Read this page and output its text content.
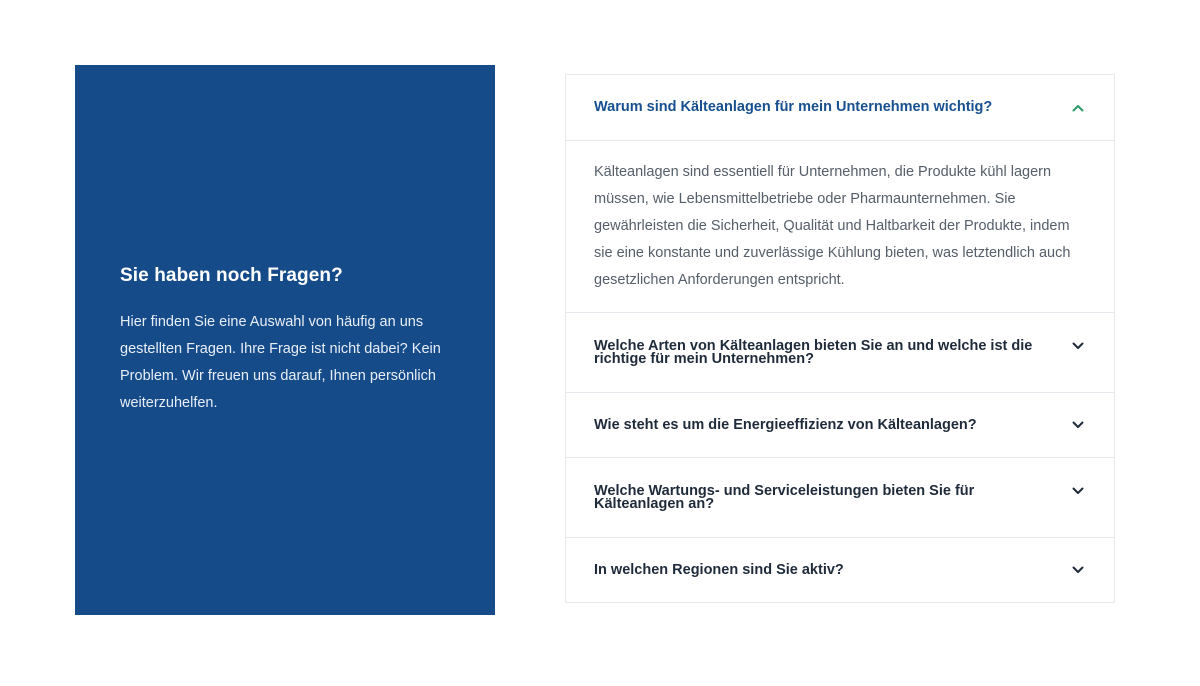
Sie haben noch Fragen?

Hier finden Sie eine Auswahl von häufig an uns gestellten Fragen. Ihre Frage ist nicht dabei? Kein Problem. Wir freuen uns darauf, Ihnen persönlich weiterzuhelfen.

Warum sind Kälteanlagen für mein Unternehmen wichtig?
Kälteanlagen sind essentiell für Unternehmen, die Produkte kühl lagern müssen, wie Lebensmittelbetriebe oder Pharmaunternehmen. Sie gewährleisten die Sicherheit, Qualität und Haltbarkeit der Produkte, indem sie eine konstante und zuverlässige Kühlung bieten, was letztendlich auch gesetzlichen Anforderungen entspricht.
Welche Arten von Kälteanlagen bieten Sie an und welche ist die richtige für mein Unternehmen?
Wie steht es um die Energieeffizienz von Kälteanlagen?
Welche Wartungs- und Serviceleistungen bieten Sie für Kälteanlagen an?
In welchen Regionen sind Sie aktiv?
